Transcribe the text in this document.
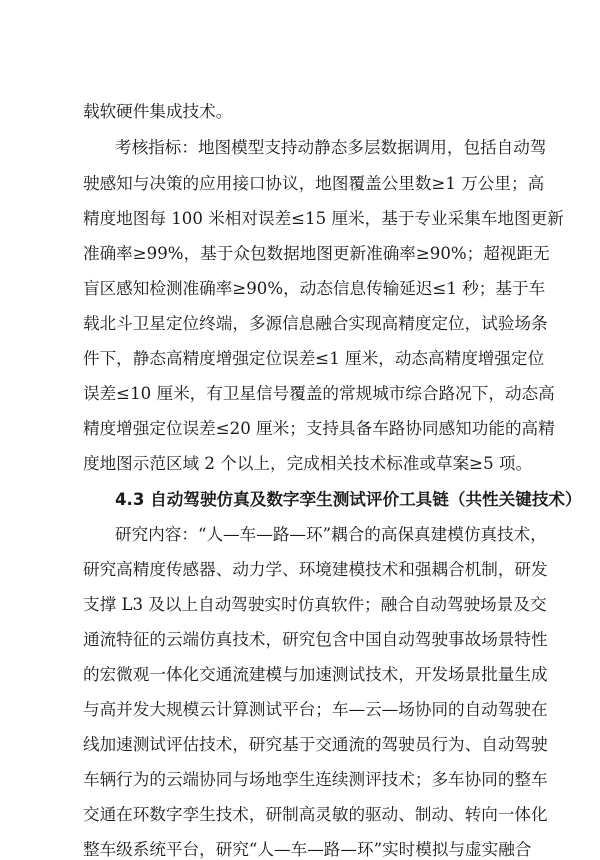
载软硬件集成技术。
考核指标：地图模型支持动静态多层数据调用，包括自动驾
驶感知与决策的应用接口协议，地图覆盖公里数≥1 万公里；高
精度地图每 100 米相对误差≤15 厘米，基于专业采集车地图更新
准确率≥99%，基于众包数据地图更新准确率≥90%；超视距无
盲区感知检测准确率≥90%，动态信息传输延迟≤1 秒；基于车
载北斗卫星定位终端，多源信息融合实现高精度定位，试验场条
件下，静态高精度增强定位误差≤1 厘米，动态高精度增强定位
误差≤10 厘米，有卫星信号覆盖的常规城市综合路况下，动态高
精度增强定位误差≤20 厘米；支持具备车路协同感知功能的高精
度地图示范区域 2 个以上，完成相关技术标准或草案≥5 项。
4.3 自动驾驶仿真及数字孪生测试评价工具链（共性关键技术）
研究内容：“人—车—路—环”耦合的高保真建模仿真技术，
研究高精度传感器、动力学、环境建模技术和强耦合机制，研发
支撑 L3 及以上自动驾驶实时仿真软件；融合自动驾驶场景及交
通流特征的云端仿真技术，研究包含中国自动驾驶事故场景特性
的宏微观一体化交通流建模与加速测试技术，开发场景批量生成
与高并发大规模云计算测试平台；车—云—场协同的自动驾驶在
线加速测试评估技术，研究基于交通流的驾驶员行为、自动驾驶
车辆行为的云端协同与场地孪生连续测评技术；多车协同的整车
交通在环数字孪生技术，研制高灵敏的驱动、制动、转向一体化
整车级系统平台，研究“人—车—路—环”实时模拟与虚实融合
